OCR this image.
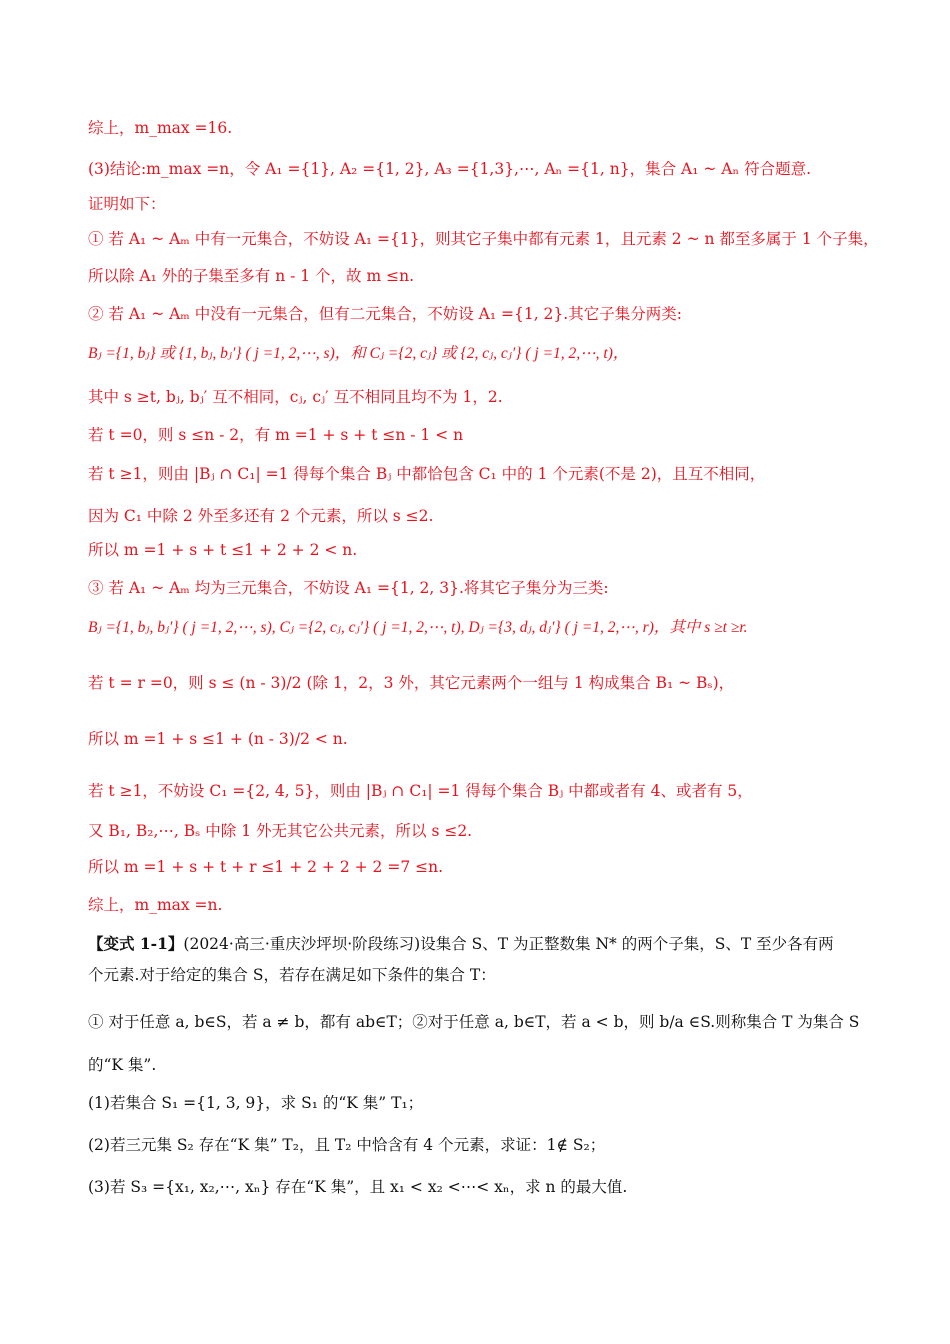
综上，m_max =16.
(3)结论:m_max =n，令 A₁ ={1}, A₂ ={1, 2}, A₃ ={1,3},⋯, Aₙ ={1, n}，集合 A₁ ~ Aₙ 符合题意.
证明如下：
① 若 A₁ ~ Aₘ 中有一元集合，不妨设 A₁ ={1}，则其它子集中都有元素 1，且元素 2 ~ n 都至多属于 1 个子集，
所以除 A₁ 外的子集至多有 n - 1 个，故 m ≤n.
② 若 A₁ ~ Aₘ 中没有一元集合，但有二元集合，不妨设 A₁ ={1, 2}.其它子集分两类:
Bⱼ ={1, bⱼ} 或 {1, bⱼ, bⱼ′} ( j =1, 2,⋯, s)，和 Cⱼ ={2, cⱼ} 或 {2, cⱼ, cⱼ′} ( j =1, 2,⋯, t)，
其中 s ≥t, bⱼ, bⱼ′ 互不相同，cⱼ, cⱼ′ 互不相同且均不为 1，2.
若 t =0，则 s ≤n - 2，有 m =1 + s + t ≤n - 1 < n
若 t ≥1，则由 |Bⱼ ∩ C₁| =1 得每个集合 Bⱼ 中都恰包含 C₁ 中的 1 个元素(不是 2)，且互不相同，
因为 C₁ 中除 2 外至多还有 2 个元素，所以 s ≤2.
所以 m =1 + s + t ≤1 + 2 + 2 < n.
③ 若 A₁ ~ Aₘ 均为三元集合，不妨设 A₁ ={1, 2, 3}.将其它子集分为三类:
Bⱼ ={1, bⱼ, bⱼ′} ( j =1, 2,⋯, s), Cⱼ ={2, cⱼ, cⱼ′} ( j =1, 2,⋯, t), Dⱼ ={3, dⱼ, dⱼ′} ( j =1, 2,⋯, r)，其中 s ≥t ≥r.
若 t = r =0，则 s ≤ (n - 3)/2 (除 1，2，3 外，其它元素两个一组与 1 构成集合 B₁ ~ Bₛ)，
所以 m =1 + s ≤1 + (n - 3)/2 < n.
若 t ≥1，不妨设 C₁ ={2, 4, 5}，则由 |Bⱼ ∩ C₁| =1 得每个集合 Bⱼ 中都或者有 4、或者有 5，
又 B₁, B₂,⋯, Bₛ 中除 1 外无其它公共元素，所以 s ≤2.
所以 m =1 + s + t + r ≤1 + 2 + 2 + 2 =7 ≤n.
综上，m_max =n.
【变式 1-1】(2024·高三·重庆沙坪坝·阶段练习)设集合 S、T 为正整数集 N* 的两个子集，S、T 至少各有两
个元素.对于给定的集合 S，若存在满足如下条件的集合 T：
① 对于任意 a, b∈S，若 a ≠ b，都有 ab∈T；②对于任意 a, b∈T，若 a < b，则 b/a ∈S.则称集合 T 为集合 S
的“K 集”.
(1)若集合 S₁ ={1, 3, 9}，求 S₁ 的“K 集” T₁；
(2)若三元集 S₂ 存在“K 集” T₂，且 T₂ 中恰含有 4 个元素，求证：1∉ S₂；
(3)若 S₃ ={x₁, x₂,⋯, xₙ} 存在“K 集”，且 x₁ < x₂ <⋯< xₙ，求 n 的最大值.
